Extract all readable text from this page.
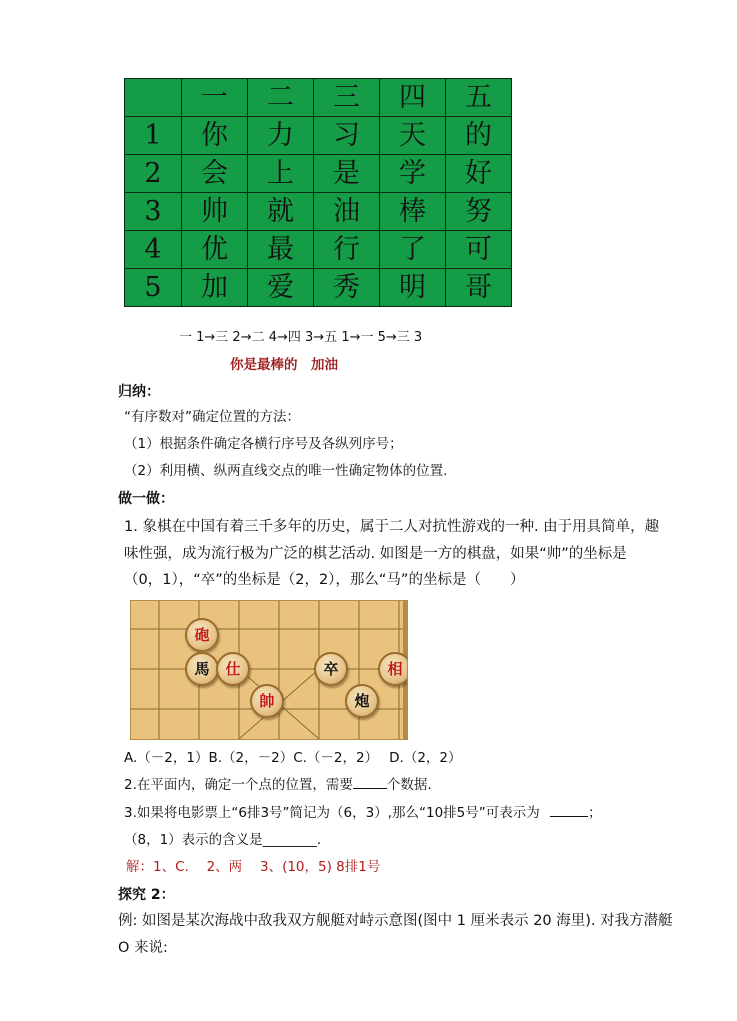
	一	二	三	四	五
1	你	力	习	天	的
2	会	上	是	学	好
3	帅	就	油	棒	努
4	优	最	行	了	可
5	加	爱	秀	明	哥
一 1→三 2→二 4→四 3→五 1→一 5→三 3
你是最棒的　加油
归纳：
“有序数对”确定位置的方法：
（1）根据条件确定各横行序号及各纵列序号；
（2）利用横、纵两直线交点的唯一性确定物体的位置.
做一做：
1. 象棋在中国有着三千多年的历史，属于二人对抗性游戏的一种. 由于用具简单，趣
味性强，成为流行极为广泛的棋艺活动. 如图是一方的棋盘，如果“帅”的坐标是
（0，1），“卒”的坐标是（2，2），那么“马”的坐标是（　　）
砲
馬	仕
帥
卒
炮
相
A.（－2，1）B.（2，－2）C.（－2，2）　 D.（2，2）
2.在平面内，确定一个点的位置，需要	个数据.
3.如果将电影票上“6排3号”简记为（6，3）,那么“10排5号”可表示为	；
（8，1）表示的含义是________.
解：1、C.　 2、两　 3、(10，5) 8排1号
探究 2：
例: 如图是某次海战中敌我双方舰艇对峙示意图(图中 1 厘米表示 20 海里). 对我方潜艇
O 来说:
